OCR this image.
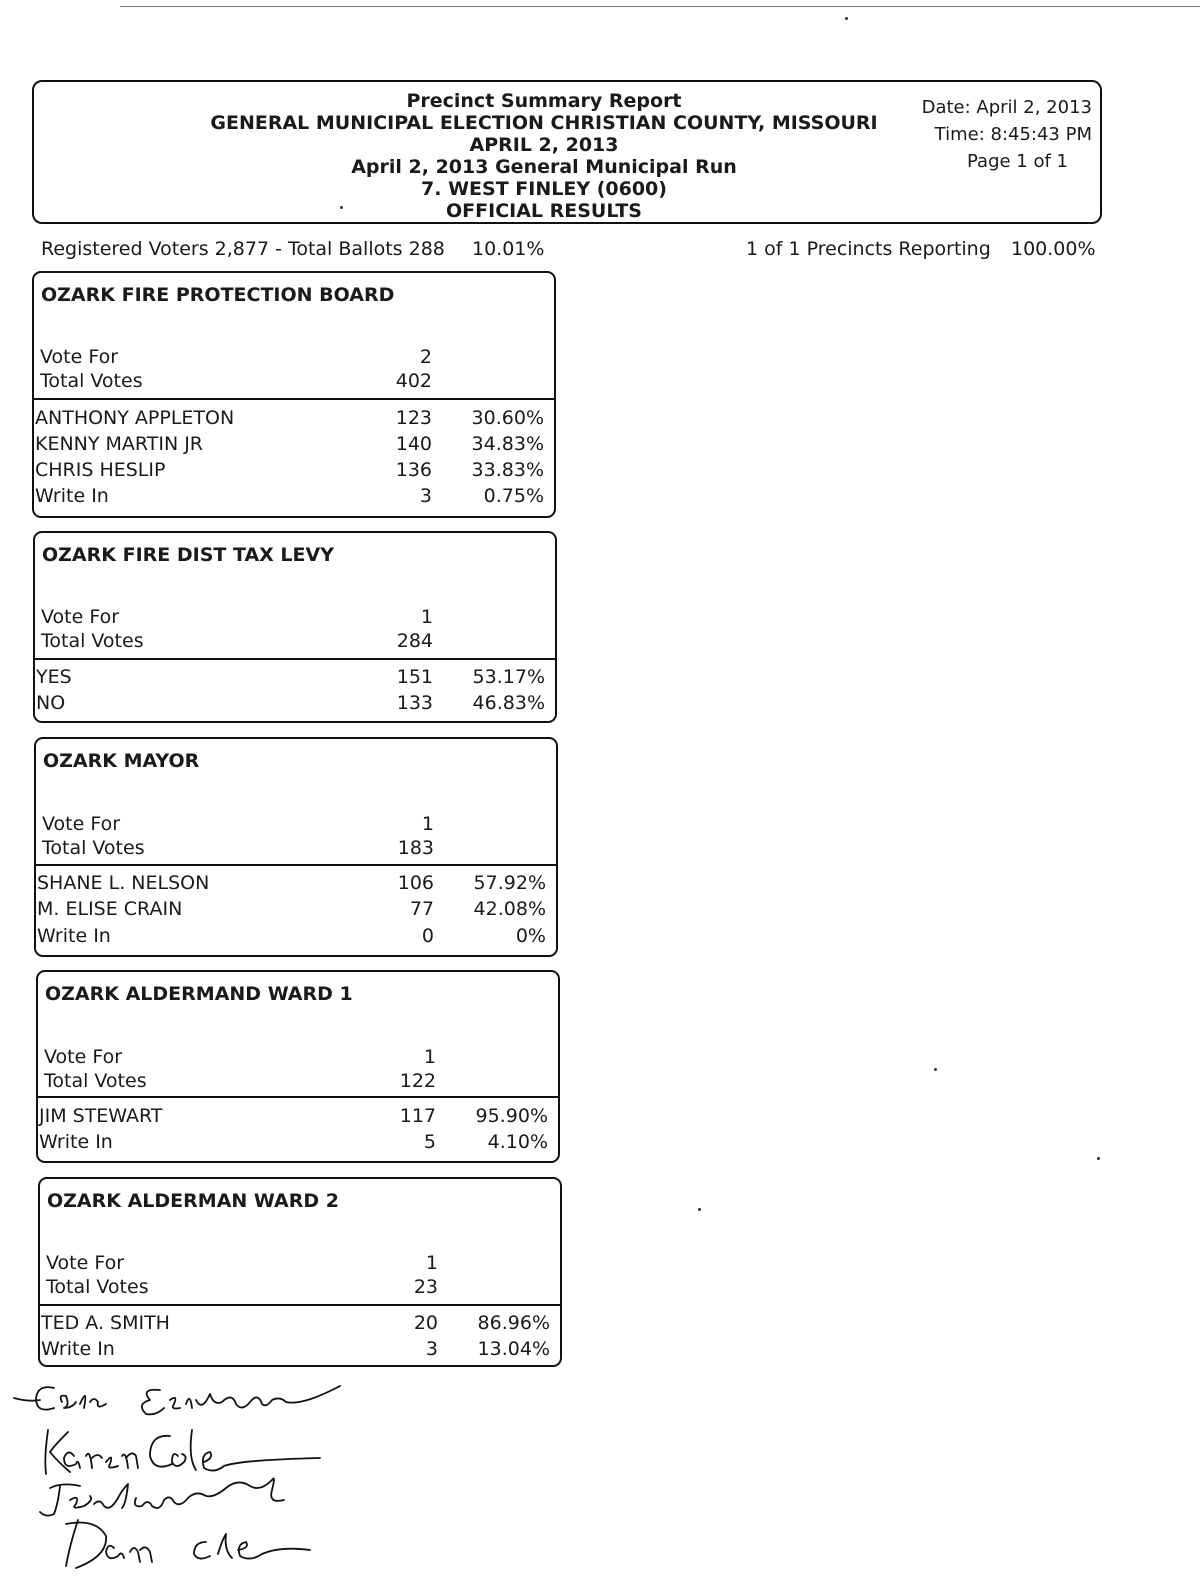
Precinct Summary Report
GENERAL MUNICIPAL ELECTION CHRISTIAN COUNTY, MISSOURI
APRIL 2, 2013
April 2, 2013 General Municipal Run
7. WEST FINLEY (0600)
OFFICIAL RESULTS
Date: April 2, 2013
Time: 8:45:43 PM
Page 1 of 1
Registered Voters 2,877 - Total Ballots 288 10.01%	1 of 1 Precincts Reporting 100.00%
OZARK FIRE PROTECTION BOARD
Vote For	2
Total Votes	402
ANTHONY APPLETON	123	30.60%
KENNY MARTIN JR	140	34.83%
CHRIS HESLIP	136	33.83%
Write In	3	0.75%
OZARK FIRE DIST TAX LEVY
Vote For	1
Total Votes	284
YES	151	53.17%
NO	133	46.83%
OZARK MAYOR
Vote For	1
Total Votes	183
SHANE L. NELSON	106	57.92%
M. ELISE CRAIN	77	42.08%
Write In	0	0%
OZARK ALDERMAND WARD 1
Vote For	1
Total Votes	122
JIM STEWART	117	95.90%
Write In	5	4.10%
OZARK ALDERMAN WARD 2
Vote For	1
Total Votes	23
TED A. SMITH	20	86.96%
Write In	3	13.04%
